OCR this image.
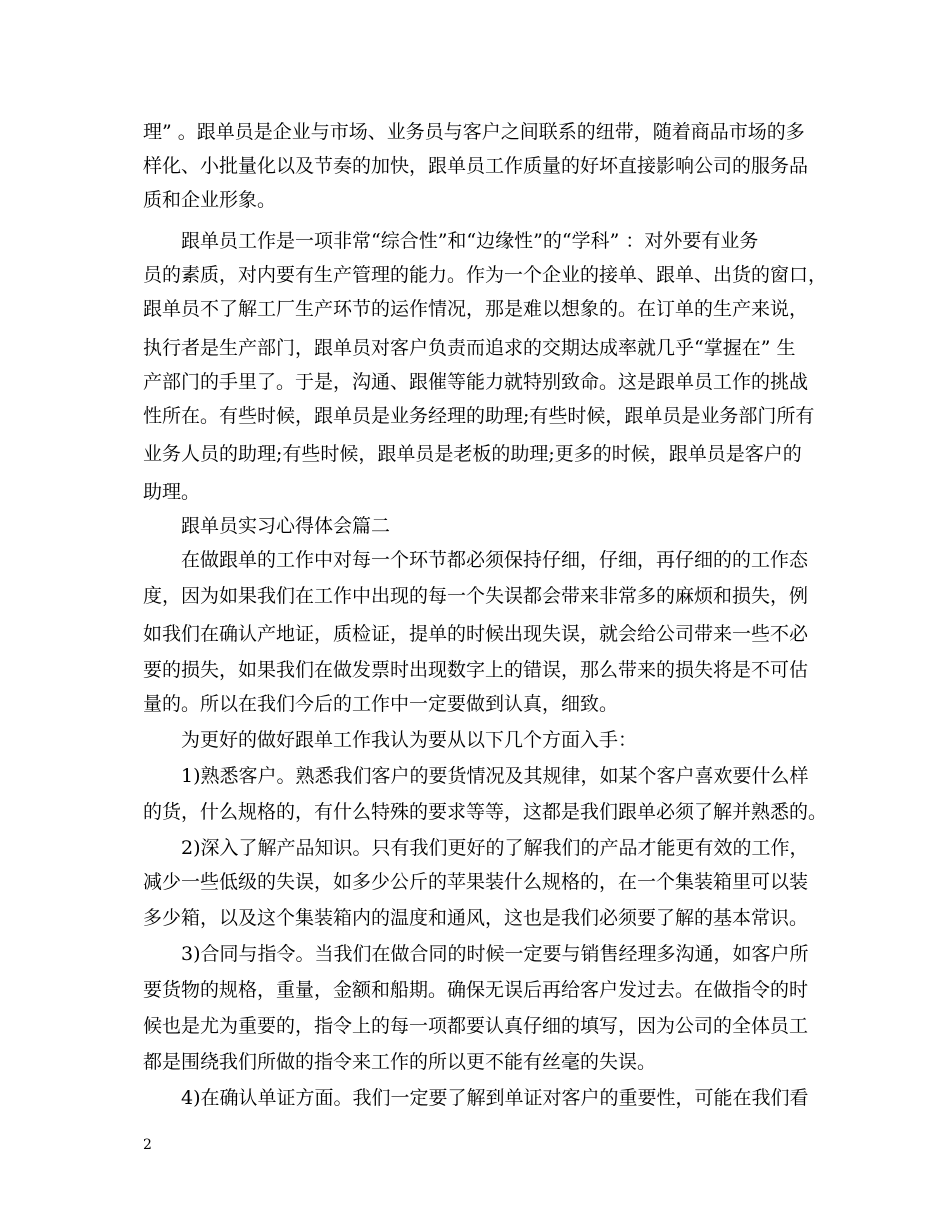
理” 。跟单员是企业与市场、业务员与客户之间联系的纽带，随着商品市场的多
样化、小批量化以及节奏的加快，跟单员工作质量的好坏直接影响公司的服务品
质和企业形象。
　　跟单员工作是一项非常“综合性”和“边缘性”的“学科” ：对外要有业务
员的素质，对内要有生产管理的能力。作为一个企业的接单、跟单、出货的窗口，
跟单员不了解工厂生产环节的运作情况，那是难以想象的。在订单的生产来说，
执行者是生产部门，跟单员对客户负责而追求的交期达成率就几乎“掌握在” 生
产部门的手里了。于是，沟通、跟催等能力就特别致命。这是跟单员工作的挑战
性所在。有些时候，跟单员是业务经理的助理;有些时候，跟单员是业务部门所有
业务人员的助理;有些时候，跟单员是老板的助理;更多的时候，跟单员是客户的
助理。
　　跟单员实习心得体会篇二
　　在做跟单的工作中对每一个环节都必须保持仔细，仔细，再仔细的的工作态
度，因为如果我们在工作中出现的每一个失误都会带来非常多的麻烦和损失，例
如我们在确认产地证，质检证，提单的时候出现失误，就会给公司带来一些不必
要的损失，如果我们在做发票时出现数字上的错误，那么带来的损失将是不可估
量的。所以在我们今后的工作中一定要做到认真，细致。
　　为更好的做好跟单工作我认为要从以下几个方面入手：
　　1)熟悉客户。熟悉我们客户的要货情况及其规律，如某个客户喜欢要什么样
的货，什么规格的，有什么特殊的要求等等，这都是我们跟单必须了解并熟悉的。
　　2)深入了解产品知识。只有我们更好的了解我们的产品才能更有效的工作，
减少一些低级的失误，如多少公斤的苹果装什么规格的，在一个集装箱里可以装
多少箱，以及这个集装箱内的温度和通风，这也是我们必须要了解的基本常识。
　　3)合同与指令。当我们在做合同的时候一定要与销售经理多沟通，如客户所
要货物的规格，重量，金额和船期。确保无误后再给客户发过去。在做指令的时
候也是尤为重要的，指令上的每一项都要认真仔细的填写，因为公司的全体员工
都是围绕我们所做的指令来工作的所以更不能有丝毫的失误。
　　4)在确认单证方面。我们一定要了解到单证对客户的重要性，可能在我们看
2
